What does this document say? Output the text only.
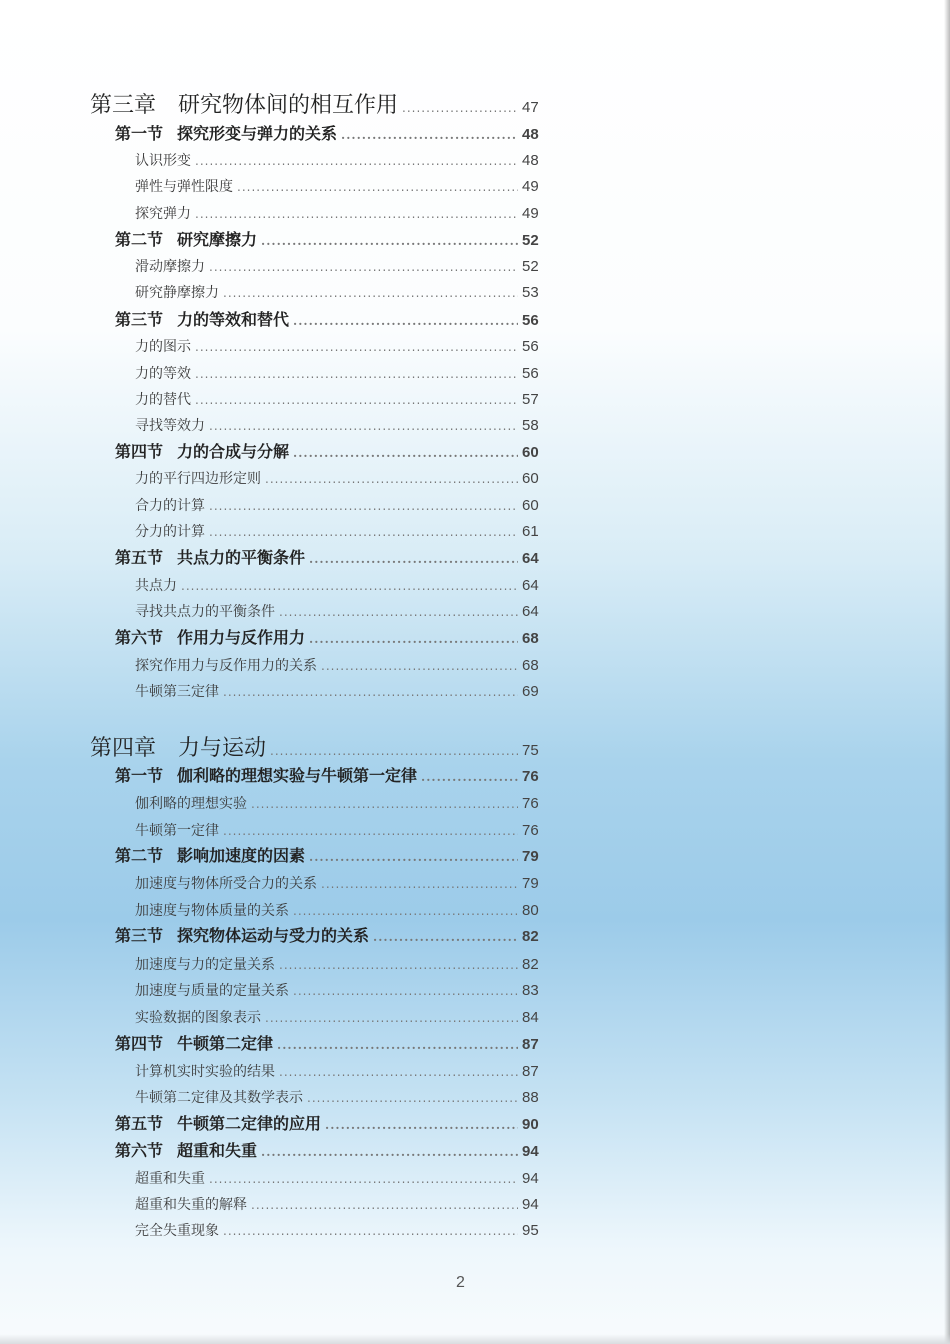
第三章　研究物体间的相互作用 .....	47
第一节 探究形变与弹力的关系 .....	48
认识形变 .....	48
弹性与弹性限度 .....	49
探究弹力 .....	49
第二节 研究摩擦力 .....	52
滑动摩擦力 .....	52
研究静摩擦力 .....	53
第三节 力的等效和替代 .....	56
力的图示 .....	56
力的等效 .....	56
力的替代 .....	57
寻找等效力 .....	58
第四节 力的合成与分解 .....	60
力的平行四边形定则 .....	60
合力的计算 .....	60
分力的计算 .....	61
第五节 共点力的平衡条件 .....	64
共点力 .....	64
寻找共点力的平衡条件 .....	64
第六节 作用力与反作用力 .....	68
探究作用力与反作用力的关系 .....	68
牛顿第三定律 .....	69
第四章　力与运动 .....	75
第一节 伽利略的理想实验与牛顿第一定律 .....	76
伽利略的理想实验 .....	76
牛顿第一定律 .....	76
第二节 影响加速度的因素 .....	79
加速度与物体所受合力的关系 .....	79
加速度与物体质量的关系 .....	80
第三节 探究物体运动与受力的关系 .....	82
加速度与力的定量关系 .....	82
加速度与质量的定量关系 .....	83
实验数据的图象表示 .....	84
第四节 牛顿第二定律 .....	87
计算机实时实验的结果 .....	87
牛顿第二定律及其数学表示 .....	88
第五节 牛顿第二定律的应用 .....	90
第六节 超重和失重 .....	94
超重和失重 .....	94
超重和失重的解释 .....	94
完全失重现象 .....	95
2
